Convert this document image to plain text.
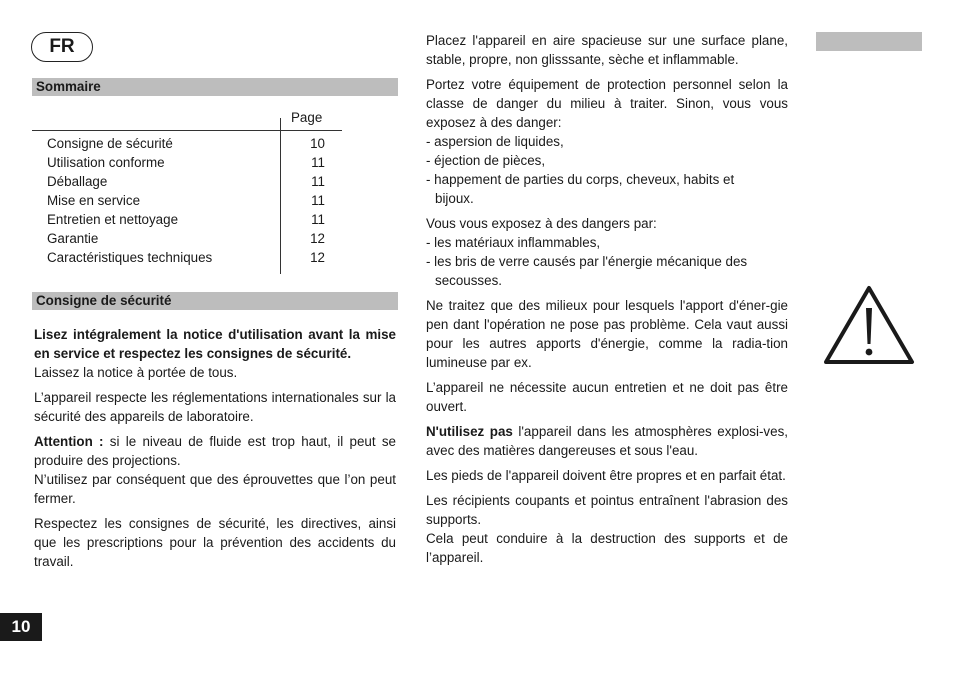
FR
Sommaire
Page
Consigne de sécurité	10
Utilisation conforme	11
Déballage	11
Mise en service	11
Entretien et nettoyage	11
Garantie	12
Caractéristiques techniques	12
Consigne de sécurité

Lisez intégralement la notice d'utilisation avant la mise en service et respectez les consignes de sécurité.

Laissez la notice à portée de tous.

L’appareil respecte les réglementations internationales sur la sécurité des appareils de laboratoire.

Attention : si le niveau de fluide est trop haut, il peut se produire des projections.

N’utilisez par conséquent que des éprouvettes que l’on peut fermer.

Respectez les consignes de sécurité, les directives, ainsi que les prescriptions pour la prévention des accidents du travail.

Placez l'appareil en aire spacieuse sur une surface plane, stable, propre, non glisssante, sèche et inflammable.

Portez votre équipement de protection personnel selon la classe de danger du milieu à traiter. Sinon, vous vous exposez à des danger:

- aspersion de liquides,

- éjection de pièces,

- happement de parties du corps, cheveux, habits et

bijoux.

Vous vous exposez à des dangers par:

- les matériaux inflammables,

- les bris de verre causés par l'énergie mécanique des

secousses.

Ne traitez que des milieux pour lesquels l'apport d'éner-gie pen dant l'opération ne pose pas problème. Cela vaut aussi pour les autres apports d'énergie, comme la radia-tion lumineuse par ex.

L’appareil ne nécessite aucun entretien et ne doit pas être ouvert.

N'utilisez pas l'appareil dans les atmosphères explosi-ves, avec des matières dangereuses et sous l'eau.

Les pieds de l'appareil doivent être propres et en parfait état.

Les récipients coupants et pointus entraînent l'abrasion des supports.

Cela peut conduire à la destruction des supports et de l’appareil.

10
